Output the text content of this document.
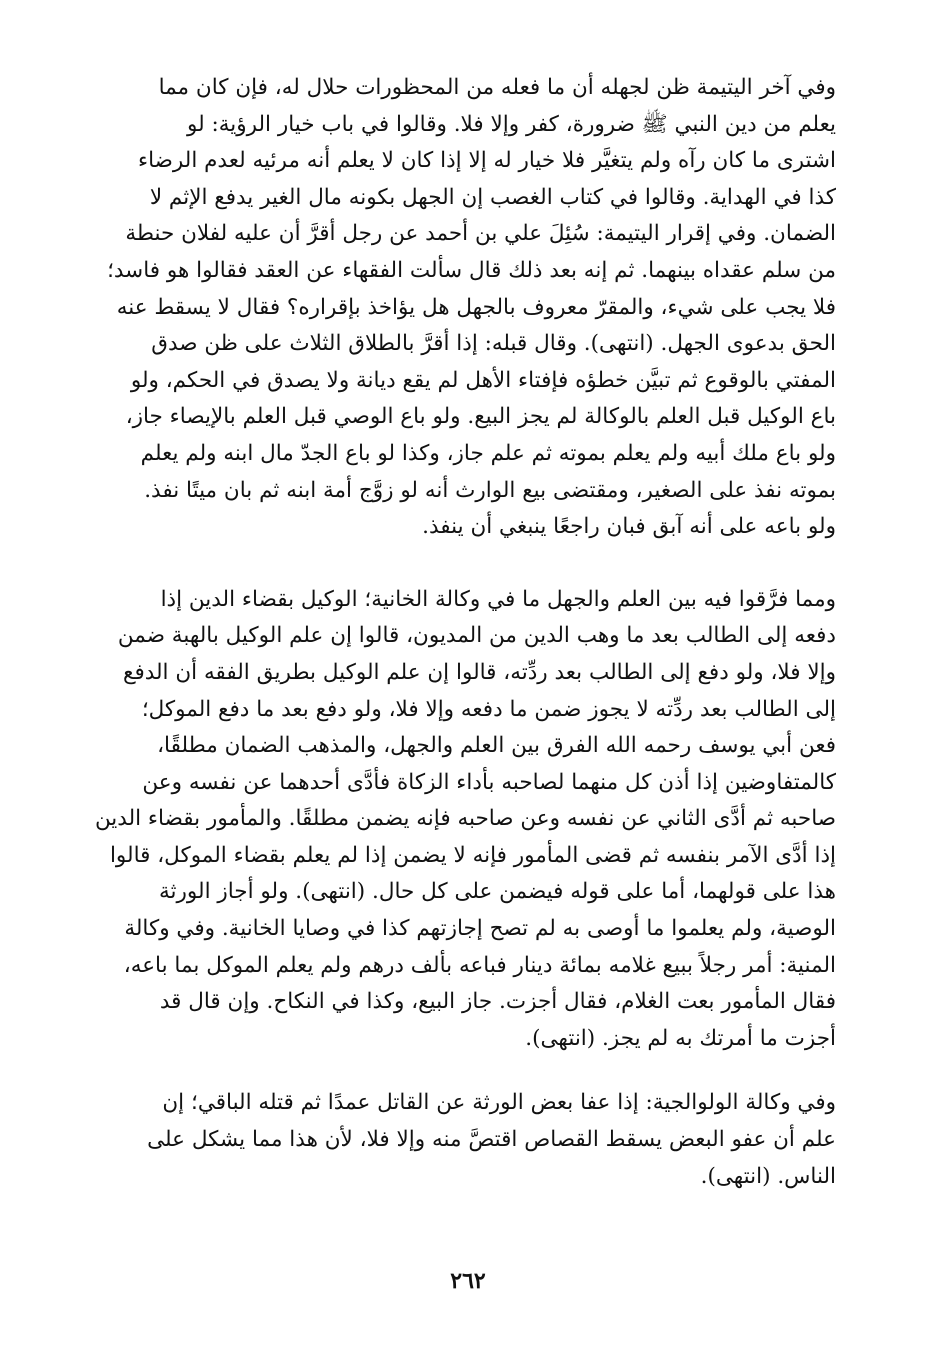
وفي آخر اليتيمة ظن لجهله أن ما فعله من المحظورات حلال له، فإن كان مما
يعلم من دين النبي ﷺ ضرورة، كفر وإلا فلا. وقالوا في باب خيار الرؤية: لو
اشترى ما كان رآه ولم يتغيَّر فلا خيار له إلا إذا كان لا يعلم أنه مرئيه لعدم الرضاء
كذا في الهداية. وقالوا في كتاب الغصب إن الجهل بكونه مال الغير يدفع الإثم لا
الضمان. وفي إقرار اليتيمة: سُئِلَ علي بن أحمد عن رجل أقرَّ أن عليه لفلان حنطة
من سلم عقداه بينهما. ثم إنه بعد ذلك قال سألت الفقهاء عن العقد فقالوا هو فاسد؛
فلا يجب على شيء، والمقرّ معروف بالجهل هل يؤاخذ بإقراره؟ فقال لا يسقط عنه
الحق بدعوى الجهل. (انتهى). وقال قبله: إذا أقرَّ بالطلاق الثلاث على ظن صدق
المفتي بالوقوع ثم تبيَّن خطؤه فإفتاء الأهل لم يقع ديانة ولا يصدق في الحكم، ولو
باع الوكيل قبل العلم بالوكالة لم يجز البيع. ولو باع الوصي قبل العلم بالإيصاء جاز،
ولو باع ملك أبيه ولم يعلم بموته ثم علم جاز، وكذا لو باع الجدّ مال ابنه ولم يعلم
بموته نفذ على الصغير، ومقتضى بيع الوارث أنه لو زوَّج أمة ابنه ثم بان ميتًا نفذ.
ولو باعه على أنه آبق فبان راجعًا ينبغي أن ينفذ.

ومما فرَّقوا فيه بين العلم والجهل ما في وكالة الخانية؛ الوكيل بقضاء الدين إذا
دفعه إلى الطالب بعد ما وهب الدين من المديون، قالوا إن علم الوكيل بالهبة ضمن
وإلا فلا، ولو دفع إلى الطالب بعد ردِّته، قالوا إن علم الوكيل بطريق الفقه أن الدفع
إلى الطالب بعد ردِّته لا يجوز ضمن ما دفعه وإلا فلا، ولو دفع بعد ما دفع الموكل؛
فعن أبي يوسف رحمه الله الفرق بين العلم والجهل، والمذهب الضمان مطلقًا،
كالمتفاوضين إذا أذن كل منهما لصاحبه بأداء الزكاة فأدَّى أحدهما عن نفسه وعن
صاحبه ثم أدَّى الثاني عن نفسه وعن صاحبه فإنه يضمن مطلقًا. والمأمور بقضاء الدين
إذا أدَّى الآمر بنفسه ثم قضى المأمور فإنه لا يضمن إذا لم يعلم بقضاء الموكل، قالوا
هذا على قولهما، أما على قوله فيضمن على كل حال. (انتهى). ولو أجاز الورثة
الوصية، ولم يعلموا ما أوصى به لم تصح إجازتهم كذا في وصايا الخانية. وفي وكالة
المنية: أمر رجلاً ببيع غلامه بمائة دينار فباعه بألف درهم ولم يعلم الموكل بما باعه،
فقال المأمور بعت الغلام، فقال أجزت. جاز البيع، وكذا في النكاح. وإن قال قد
أجزت ما أمرتك به لم يجز. (انتهى).

وفي وكالة الولوالجية: إذا عفا بعض الورثة عن القاتل عمدًا ثم قتله الباقي؛ إن
علم أن عفو البعض يسقط القصاص اقتصَّ منه وإلا فلا، لأن هذا مما يشكل على
الناس. (انتهى).

٢٦٢
